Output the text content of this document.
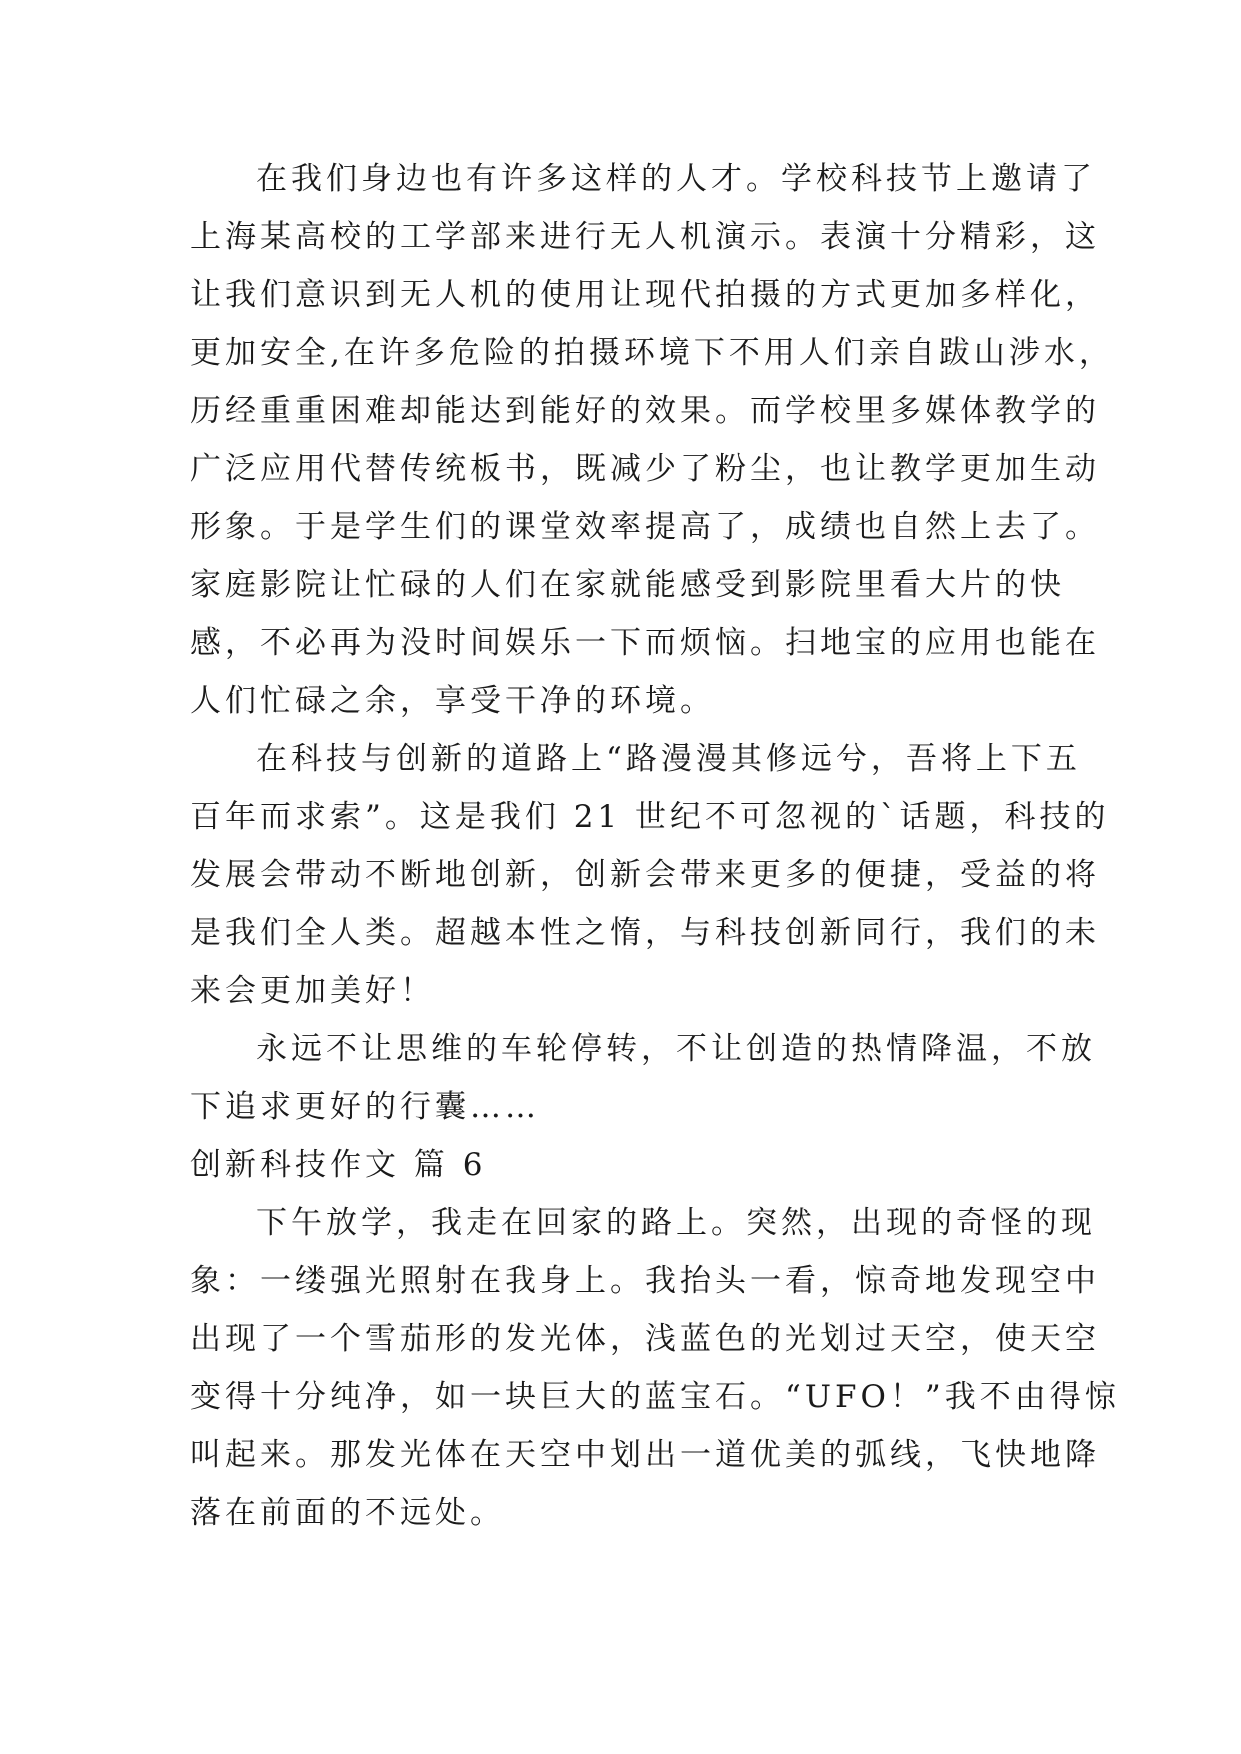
在我们身边也有许多这样的人才。学校科技节上邀请了
上海某高校的工学部来进行无人机演示。表演十分精彩，这
让我们意识到无人机的使用让现代拍摄的方式更加多样化，
更加安全,在许多危险的拍摄环境下不用人们亲自跋山涉水，
历经重重困难却能达到能好的效果。而学校里多媒体教学的
广泛应用代替传统板书，既减少了粉尘，也让教学更加生动
形象。于是学生们的课堂效率提高了，成绩也自然上去了。
家庭影院让忙碌的人们在家就能感受到影院里看大片的快
感，不必再为没时间娱乐一下而烦恼。扫地宝的应用也能在
人们忙碌之余，享受干净的环境。
在科技与创新的道路上“路漫漫其修远兮，吾将上下五
百年而求索”。这是我们 21 世纪不可忽视的`话题，科技的
发展会带动不断地创新，创新会带来更多的便捷，受益的将
是我们全人类。超越本性之惰，与科技创新同行，我们的未
来会更加美好！
永远不让思维的车轮停转，不让创造的热情降温，不放
下追求更好的行囊……
创新科技作文 篇 6
下午放学，我走在回家的路上。突然，出现的奇怪的现
象：一缕强光照射在我身上。我抬头一看，惊奇地发现空中
出现了一个雪茄形的发光体，浅蓝色的光划过天空，使天空
变得十分纯净，如一块巨大的蓝宝石。“UFO！”我不由得惊
叫起来。那发光体在天空中划出一道优美的弧线，飞快地降
落在前面的不远处。
